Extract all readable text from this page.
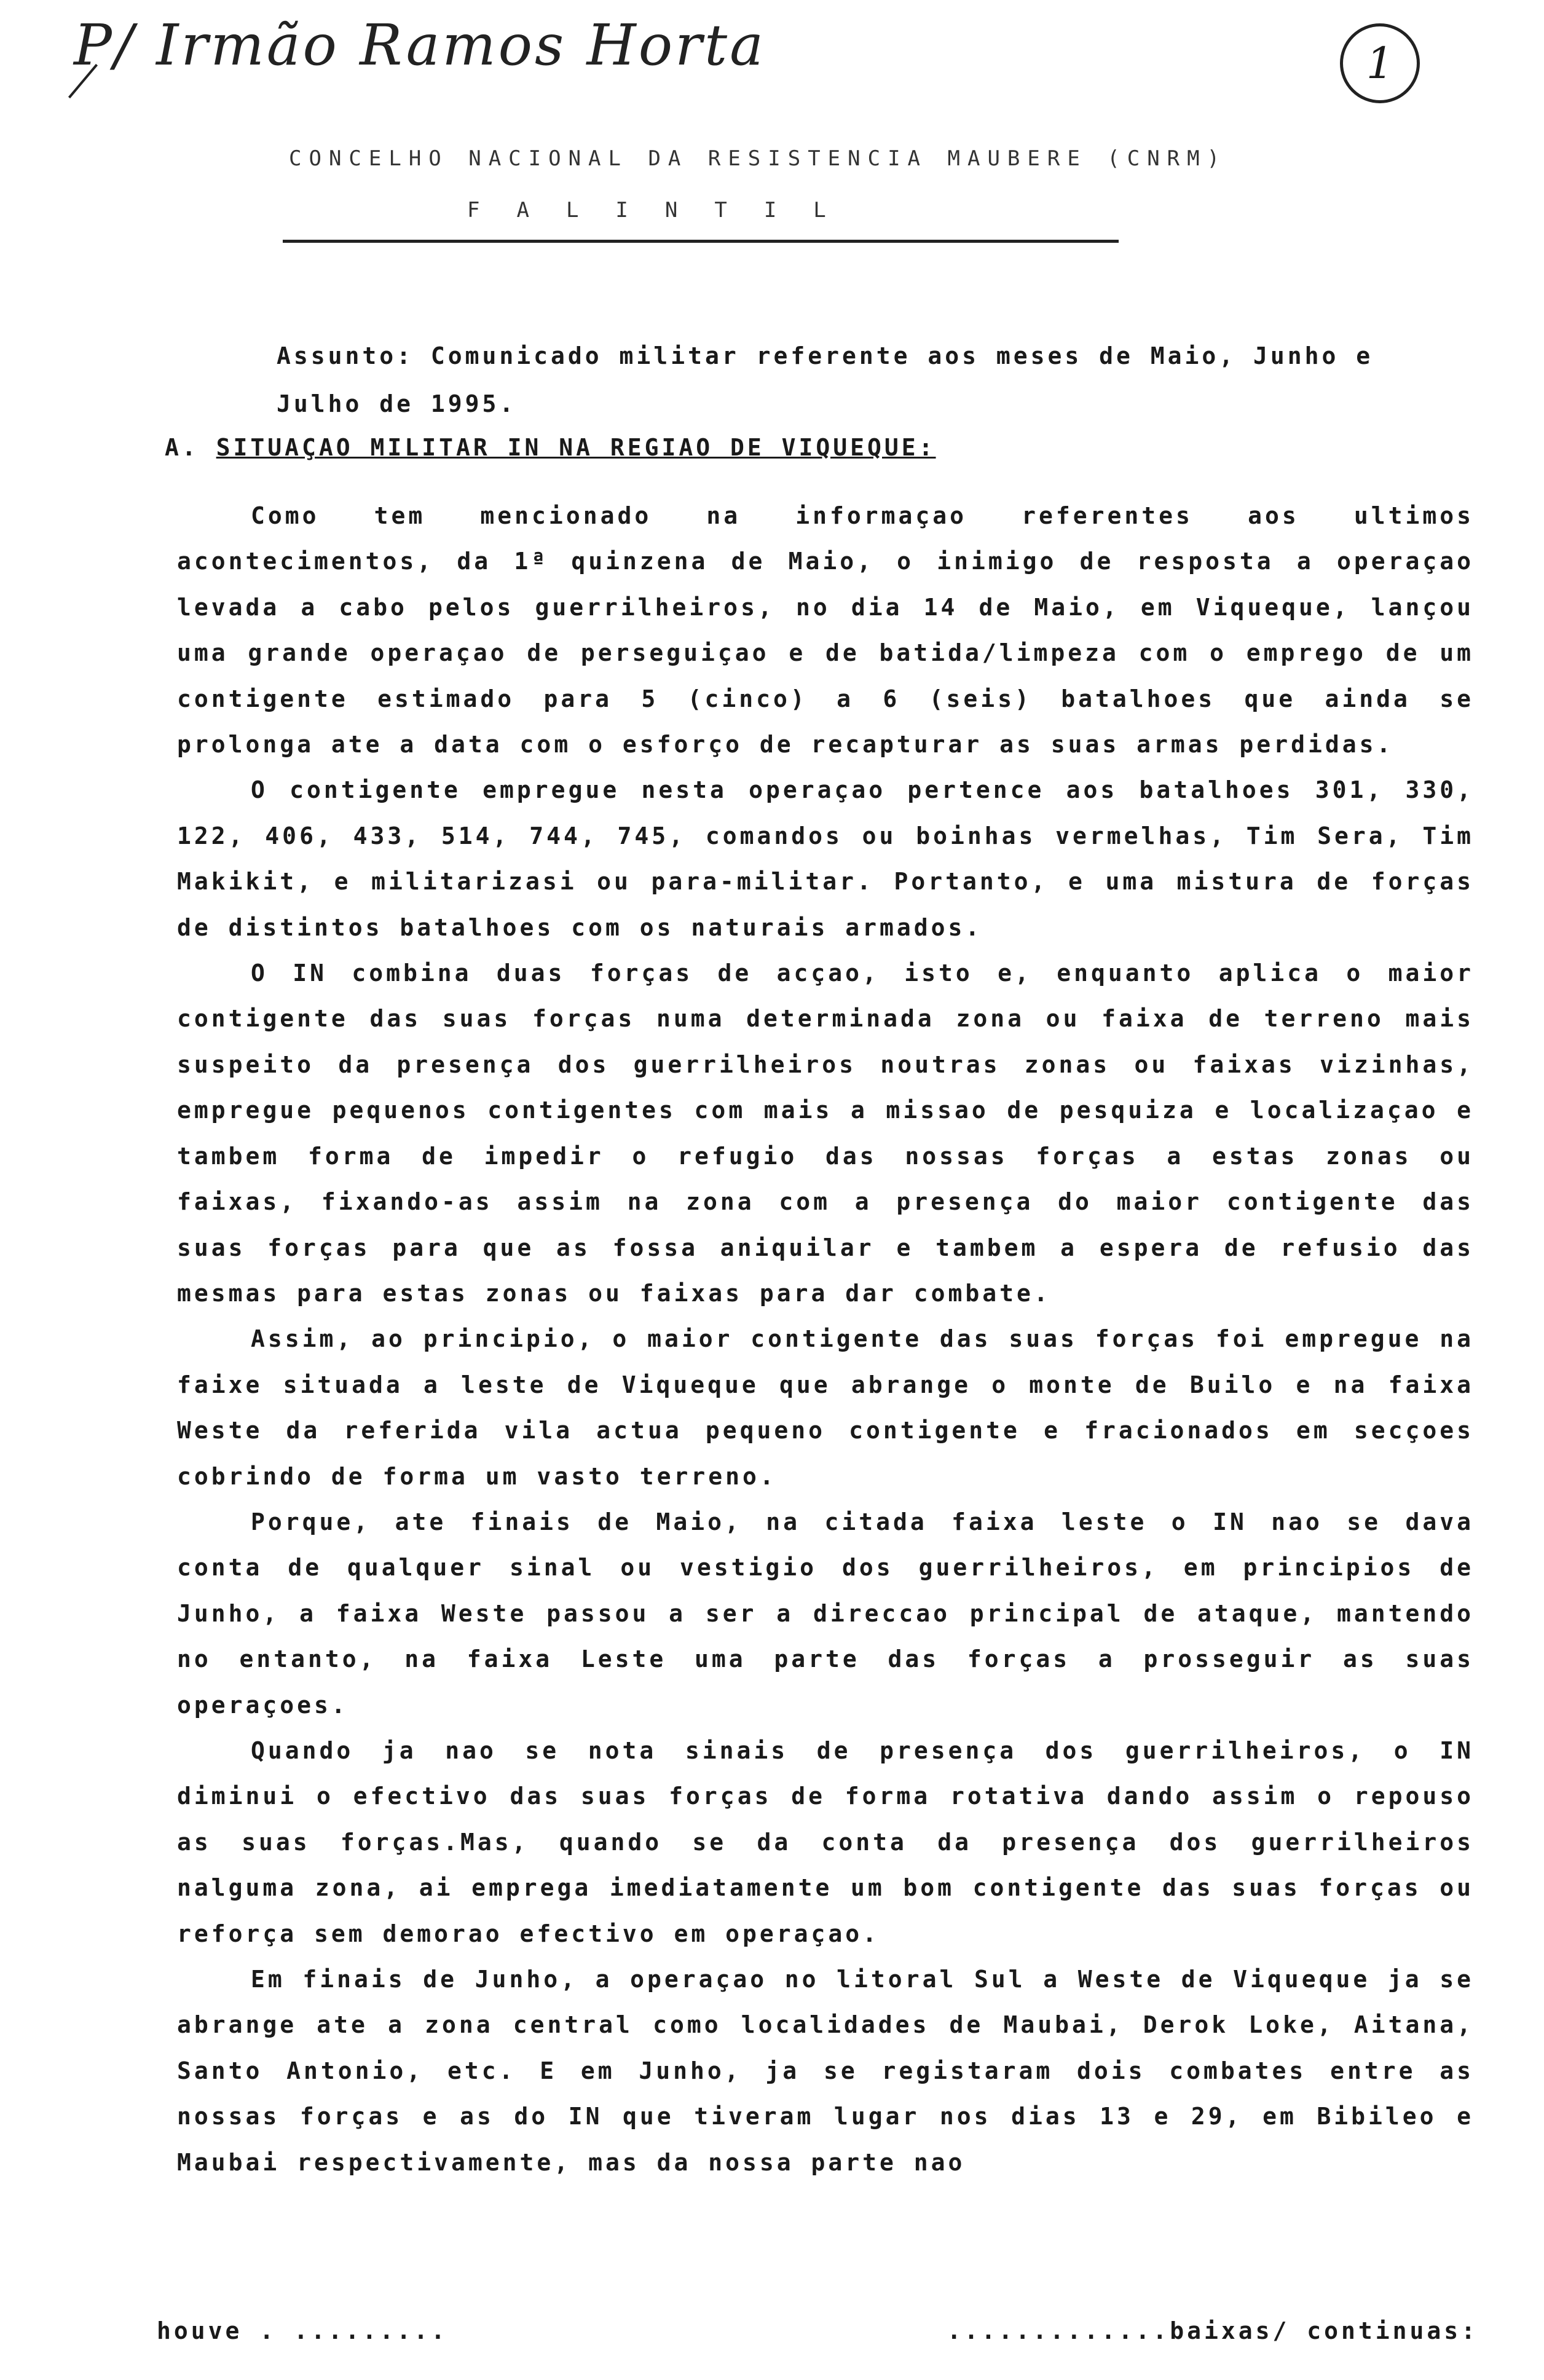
P/ Irmão Ramos Horta	1
CONCELHO NACIONAL DA RESISTENCIA MAUBERE (CNRM)
FALINTIL
Assunto: Comunicado militar referente aos meses de Maio, Junho e Julho de 1995.
A. SITUAÇAO MILITAR IN NA REGIAO DE VIQUEQUE:

Como tem mencionado na informaçao referentes aos ultimos acontecimentos, da 1ª quinzena de Maio, o inimigo de resposta a operaçao levada a cabo pelos guerrilheiros, no dia 14 de Maio, em Viqueque, lançou uma grande operaçao de perseguiçao e de batida/limpeza com o emprego de um contigente estimado para 5 (cinco) a 6 (seis) batalhoes que ainda se prolonga ate a data com o esforço de recapturar as suas armas perdidas.

O contigente empregue nesta operaçao pertence aos batalhoes 301, 330, 122, 406, 433, 514, 744, 745, comandos ou boinhas vermelhas, Tim Sera, Tim Makikit, e militarizasi ou para-militar. Portanto, e uma mistura de forças de distintos batalhoes com os naturais armados.

O IN combina duas forças de acçao, isto e, enquanto aplica o maior contigente das suas forças numa determinada zona ou faixa de terreno mais suspeito da presença dos guerrilheiros noutras zonas ou faixas vizinhas, empregue pequenos contigentes com mais a missao de pesquiza e localizaçao e tambem forma de impedir o refugio das nossas forças a estas zonas ou faixas, fixando-as assim na zona com a presença do maior contigente das suas forças para que as fossa aniquilar e tambem a espera de refusio das mesmas para estas zonas ou faixas para dar combate.

Assim, ao principio, o maior contigente das suas forças foi empregue na faixe situada a leste de Viqueque que abrange o monte de Builo e na faixa Weste da referida vila actua pequeno contigente e fracionados em secçoes cobrindo de forma um vasto terreno.

Porque, ate finais de Maio, na citada faixa leste o IN nao se dava conta de qualquer sinal ou vestigio dos guerrilheiros, em principios de Junho, a faixa Weste passou a ser a direccao principal de ataque, mantendo no entanto, na faixa Leste uma parte das forças a prosseguir as suas operaçoes.

Quando ja nao se nota sinais de presença dos guerrilheiros, o IN diminui o efectivo das suas forças de forma rotativa dando assim o repouso as suas forças.Mas, quando se da conta da presença dos guerrilheiros nalguma zona, ai emprega imediatamente um bom contigente das suas forças ou reforça sem demorao efectivo em operaçao.

Em finais de Junho, a operaçao no litoral Sul a Weste de Viqueque ja se abrange ate a zona central como localidades de Maubai, Derok Loke, Aitana, Santo Antonio, etc. E em Junho, ja se registaram dois combates entre as nossas forças e as do IN que tiveram lugar nos dias 13 e 29, em Bibileo e Maubai respectivamente, mas da nossa parte nao

houve . .........	.............baixas/ continuas:
